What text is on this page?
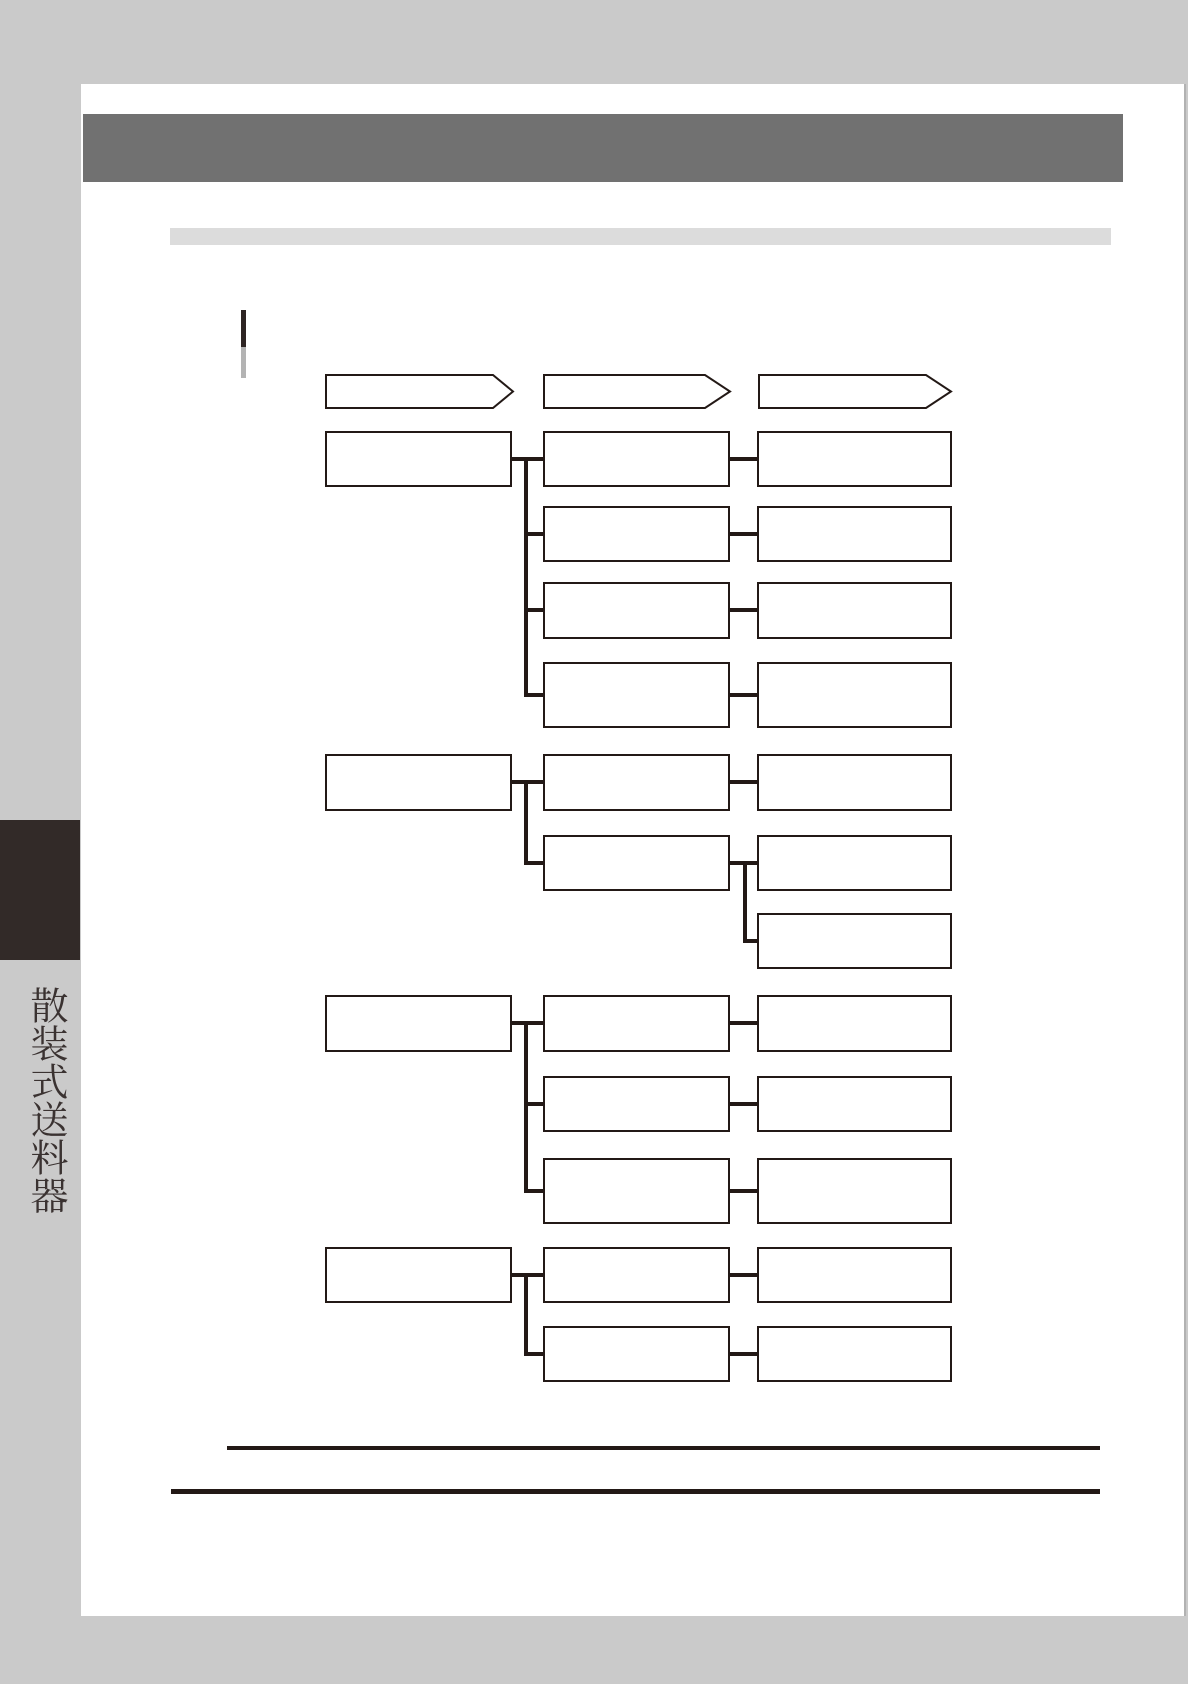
散装式送料器
